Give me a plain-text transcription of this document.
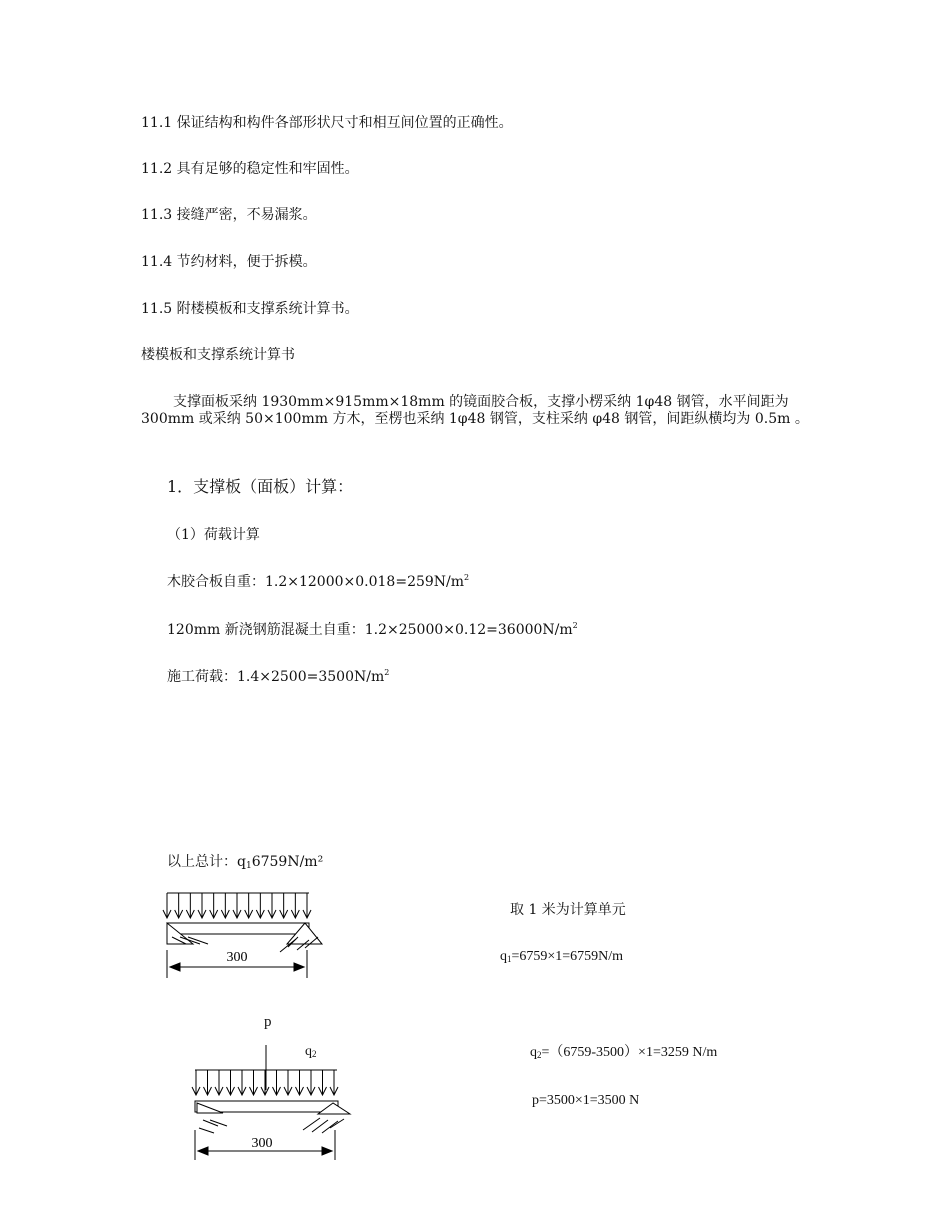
11.1 保证结构和构件各部形状尺寸和相互间位置的正确性。
11.2 具有足够的稳定性和牢固性。
11.3 接缝严密，不易漏浆。
11.4 节约材料，便于拆模。
11.5 附楼模板和支撑系统计算书。
楼模板和支撑系统计算书
支撑面板采纳 1930mm×915mm×18mm 的镜面胶合板，支撑小楞采纳 1φ48 钢管，水平间距为 300mm 或采纳 50×100mm 方木，至楞也采纳 1φ48 钢管，支柱采纳 φ48 钢管，间距纵横均为 0.5m 。
1．支撑板（面板）计算：
（1）荷载计算
木胶合板自重：$1.2\times 12000\times 0.018=259N/m^2$
120mm 新浇钢筋混凝土自重：$1.2\times 25000\times 0.12=36000N/m^2$
施工荷载：$1.4\times 2500=3500N/m^2$
以上总计：$q_16759N/m^2$
300
300
p
$q_2$
取 1 米为计算单元
$q_1=6759\times 1=6759N/m$
$q_2=(6759-3500)\times 1=3259$ N/m
p=3500×1=3500 N
